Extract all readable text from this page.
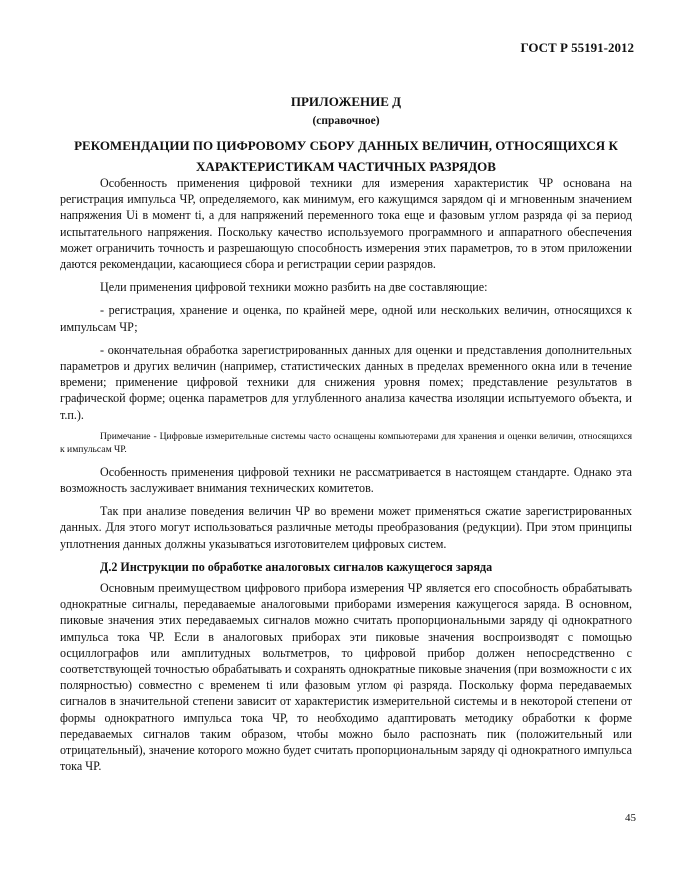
ГОСТ Р 55191-2012
ПРИЛОЖЕНИЕ Д
(справочное)
РЕКОМЕНДАЦИИ ПО ЦИФРОВОМУ СБОРУ ДАННЫХ ВЕЛИЧИН, ОТНОСЯЩИХСЯ К ХАРАКТЕРИСТИКАМ ЧАСТИЧНЫХ РАЗРЯДОВ

Особенность применения цифровой техники для измерения характеристик ЧР основана на регистрация импульса ЧР, определяемого, как минимум, его кажущимся зарядом qi и мгновенным значением напряжения Ui в момент ti, а для напряжений переменного тока еще и фазовым углом разряда φi за период испытательного напряжения. Поскольку качество используемого программного и аппаратного обеспечения может ограничить точность и разрешающую способность измерения этих параметров, то в этом приложении даются рекомендации, касающиеся сбора и регистрации серии разрядов.

Цели применения цифровой техники можно разбить на две составляющие:

- регистрация, хранение и оценка, по крайней мере, одной или нескольких величин, относящихся к импульсам ЧР;

- окончательная обработка зарегистрированных данных для оценки и представления дополнительных параметров и других величин (например, статистических данных в пределах временного окна или в течение времени; применение цифровой техники для снижения уровня помех; представление результатов в графической форме; оценка параметров для углубленного анализа качества изоляции испытуемого объекта, и т.п.).

Примечание - Цифровые измерительные системы часто оснащены компьютерами для хранения и оценки величин, относящихся к импульсам ЧР.

Особенность применения цифровой техники не рассматривается в настоящем стандарте. Однако эта возможность заслуживает внимания технических комитетов.

Так при анализе поведения величин ЧР во времени может применяться сжатие зарегистрированных данных. Для этого могут использоваться различные методы преобразования (редукции). При этом принципы уплотнения данных должны указываться изготовителем цифровых систем.

Д.2 Инструкции по обработке аналоговых сигналов кажущегося заряда

Основным преимуществом цифрового прибора измерения ЧР является его способность обрабатывать однократные сигналы, передаваемые аналоговыми приборами измерения кажущегося заряда. В основном, пиковые значения этих передаваемых сигналов можно считать пропорциональными заряду qi однократного импульса тока ЧР. Если в аналоговых приборах эти пиковые значения воспроизводят с помощью осциллографов или амплитудных вольтметров, то цифровой прибор должен непосредственно с соответствующей точностью обрабатывать и сохранять однократные пиковые значения (при возможности с их полярностью) совместно с временем ti или фазовым углом φi разряда. Поскольку форма передаваемых сигналов в значительной степени зависит от характеристик измерительной системы и в некоторой степени от формы однократного импульса тока ЧР, то необходимо адаптировать методику обработки к форме передаваемых сигналов таким образом, чтобы можно было распознать пик (положительный или отрицательный), значение которого можно будет считать пропорциональным заряду qi однократного импульса тока ЧР.

45
